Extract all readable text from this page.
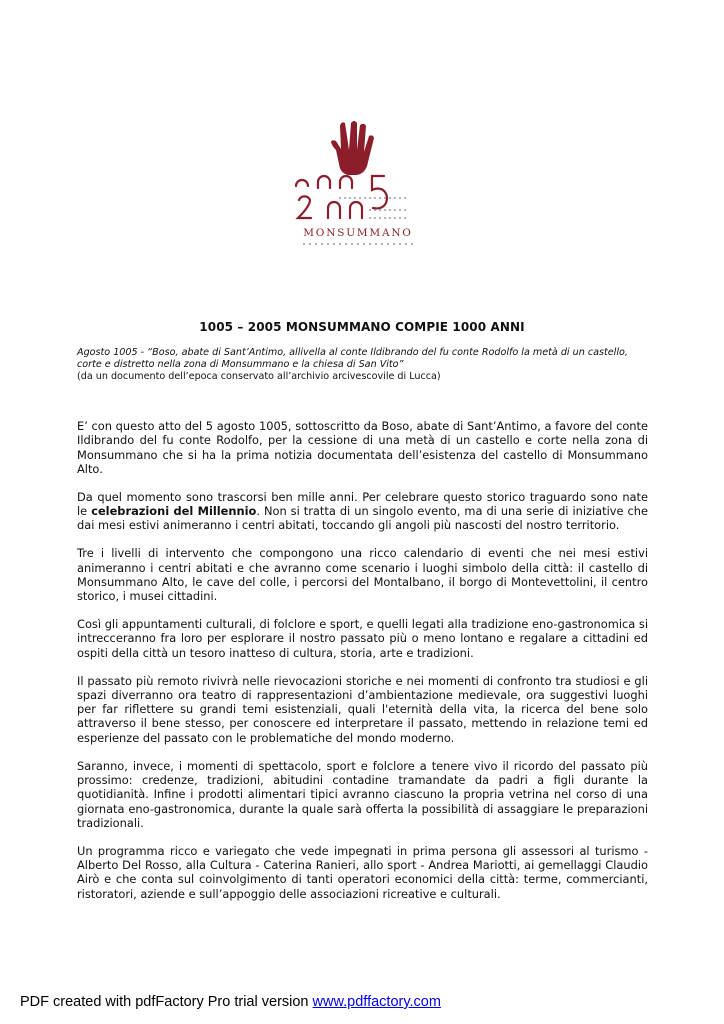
MONSUMMANO
1005 – 2005 MONSUMMANO COMPIE 1000 ANNI
Agosto 1005 - “Boso, abate di Sant’Antimo, allivella al conte Ildibrando del fu conte Rodolfo la metà di un castello, corte e distretto nella zona di Monsummano e la chiesa di San Vito”
(da un documento dell’epoca conservato all’archivio arcivescovile di Lucca)

E’ con questo atto del 5 agosto 1005, sottoscritto da Boso, abate di Sant’Antimo, a favore del conte Ildibrando del fu conte Rodolfo, per la cessione di una metà di un castello e corte nella zona di Monsummano che si ha la prima notizia documentata dell’esistenza del castello di Monsummano Alto.

Da quel momento sono trascorsi ben mille anni. Per celebrare questo storico traguardo sono nate le celebrazioni del Millennio. Non si tratta di un singolo evento, ma di una serie di iniziative che dai mesi estivi animeranno i centri abitati, toccando gli angoli più nascosti del nostro territorio.

Tre i livelli di intervento che compongono una ricco calendario di eventi che nei mesi estivi animeranno i centri abitati e che avranno come scenario i luoghi simbolo della città: il castello di Monsummano Alto, le cave del colle, i percorsi del Montalbano, il borgo di Montevettolini, il centro storico, i musei cittadini.

Così gli appuntamenti culturali, di folclore e sport, e quelli legati alla tradizione eno-gastronomica si intrecceranno fra loro per esplorare il nostro passato più o meno lontano e regalare a cittadini ed ospiti della città un tesoro inatteso di cultura, storia, arte e tradizioni.

Il passato più remoto rivivrà nelle rievocazioni storiche e nei momenti di confronto tra studiosi e gli spazi diverranno ora teatro di rappresentazioni d’ambientazione medievale, ora suggestivi luoghi per far riflettere su grandi temi esistenziali, quali l'eternità della vita, la ricerca del bene solo attraverso il bene stesso, per conoscere ed interpretare il passato, mettendo in relazione temi ed esperienze del passato con le problematiche del mondo moderno.

Saranno, invece, i momenti di spettacolo, sport e folclore a tenere vivo il ricordo del passato più prossimo: credenze, tradizioni, abitudini contadine tramandate da padri a figli durante la quotidianità. Infine i prodotti alimentari tipici avranno ciascuno la propria vetrina nel corso di una giornata eno-gastronomica, durante la quale sarà offerta la possibilità di assaggiare le preparazioni tradizionali.

Un programma ricco e variegato che vede impegnati in prima persona gli assessori al turismo - Alberto Del Rosso, alla Cultura - Caterina Ranieri, allo sport - Andrea Mariotti, ai gemellaggi Claudio Airò e che conta sul coinvolgimento di tanti operatori economici della città: terme, commercianti, ristoratori, aziende e sull’appoggio delle associazioni ricreative e culturali.

PDF created with pdfFactory Pro trial version www.pdffactory.com
